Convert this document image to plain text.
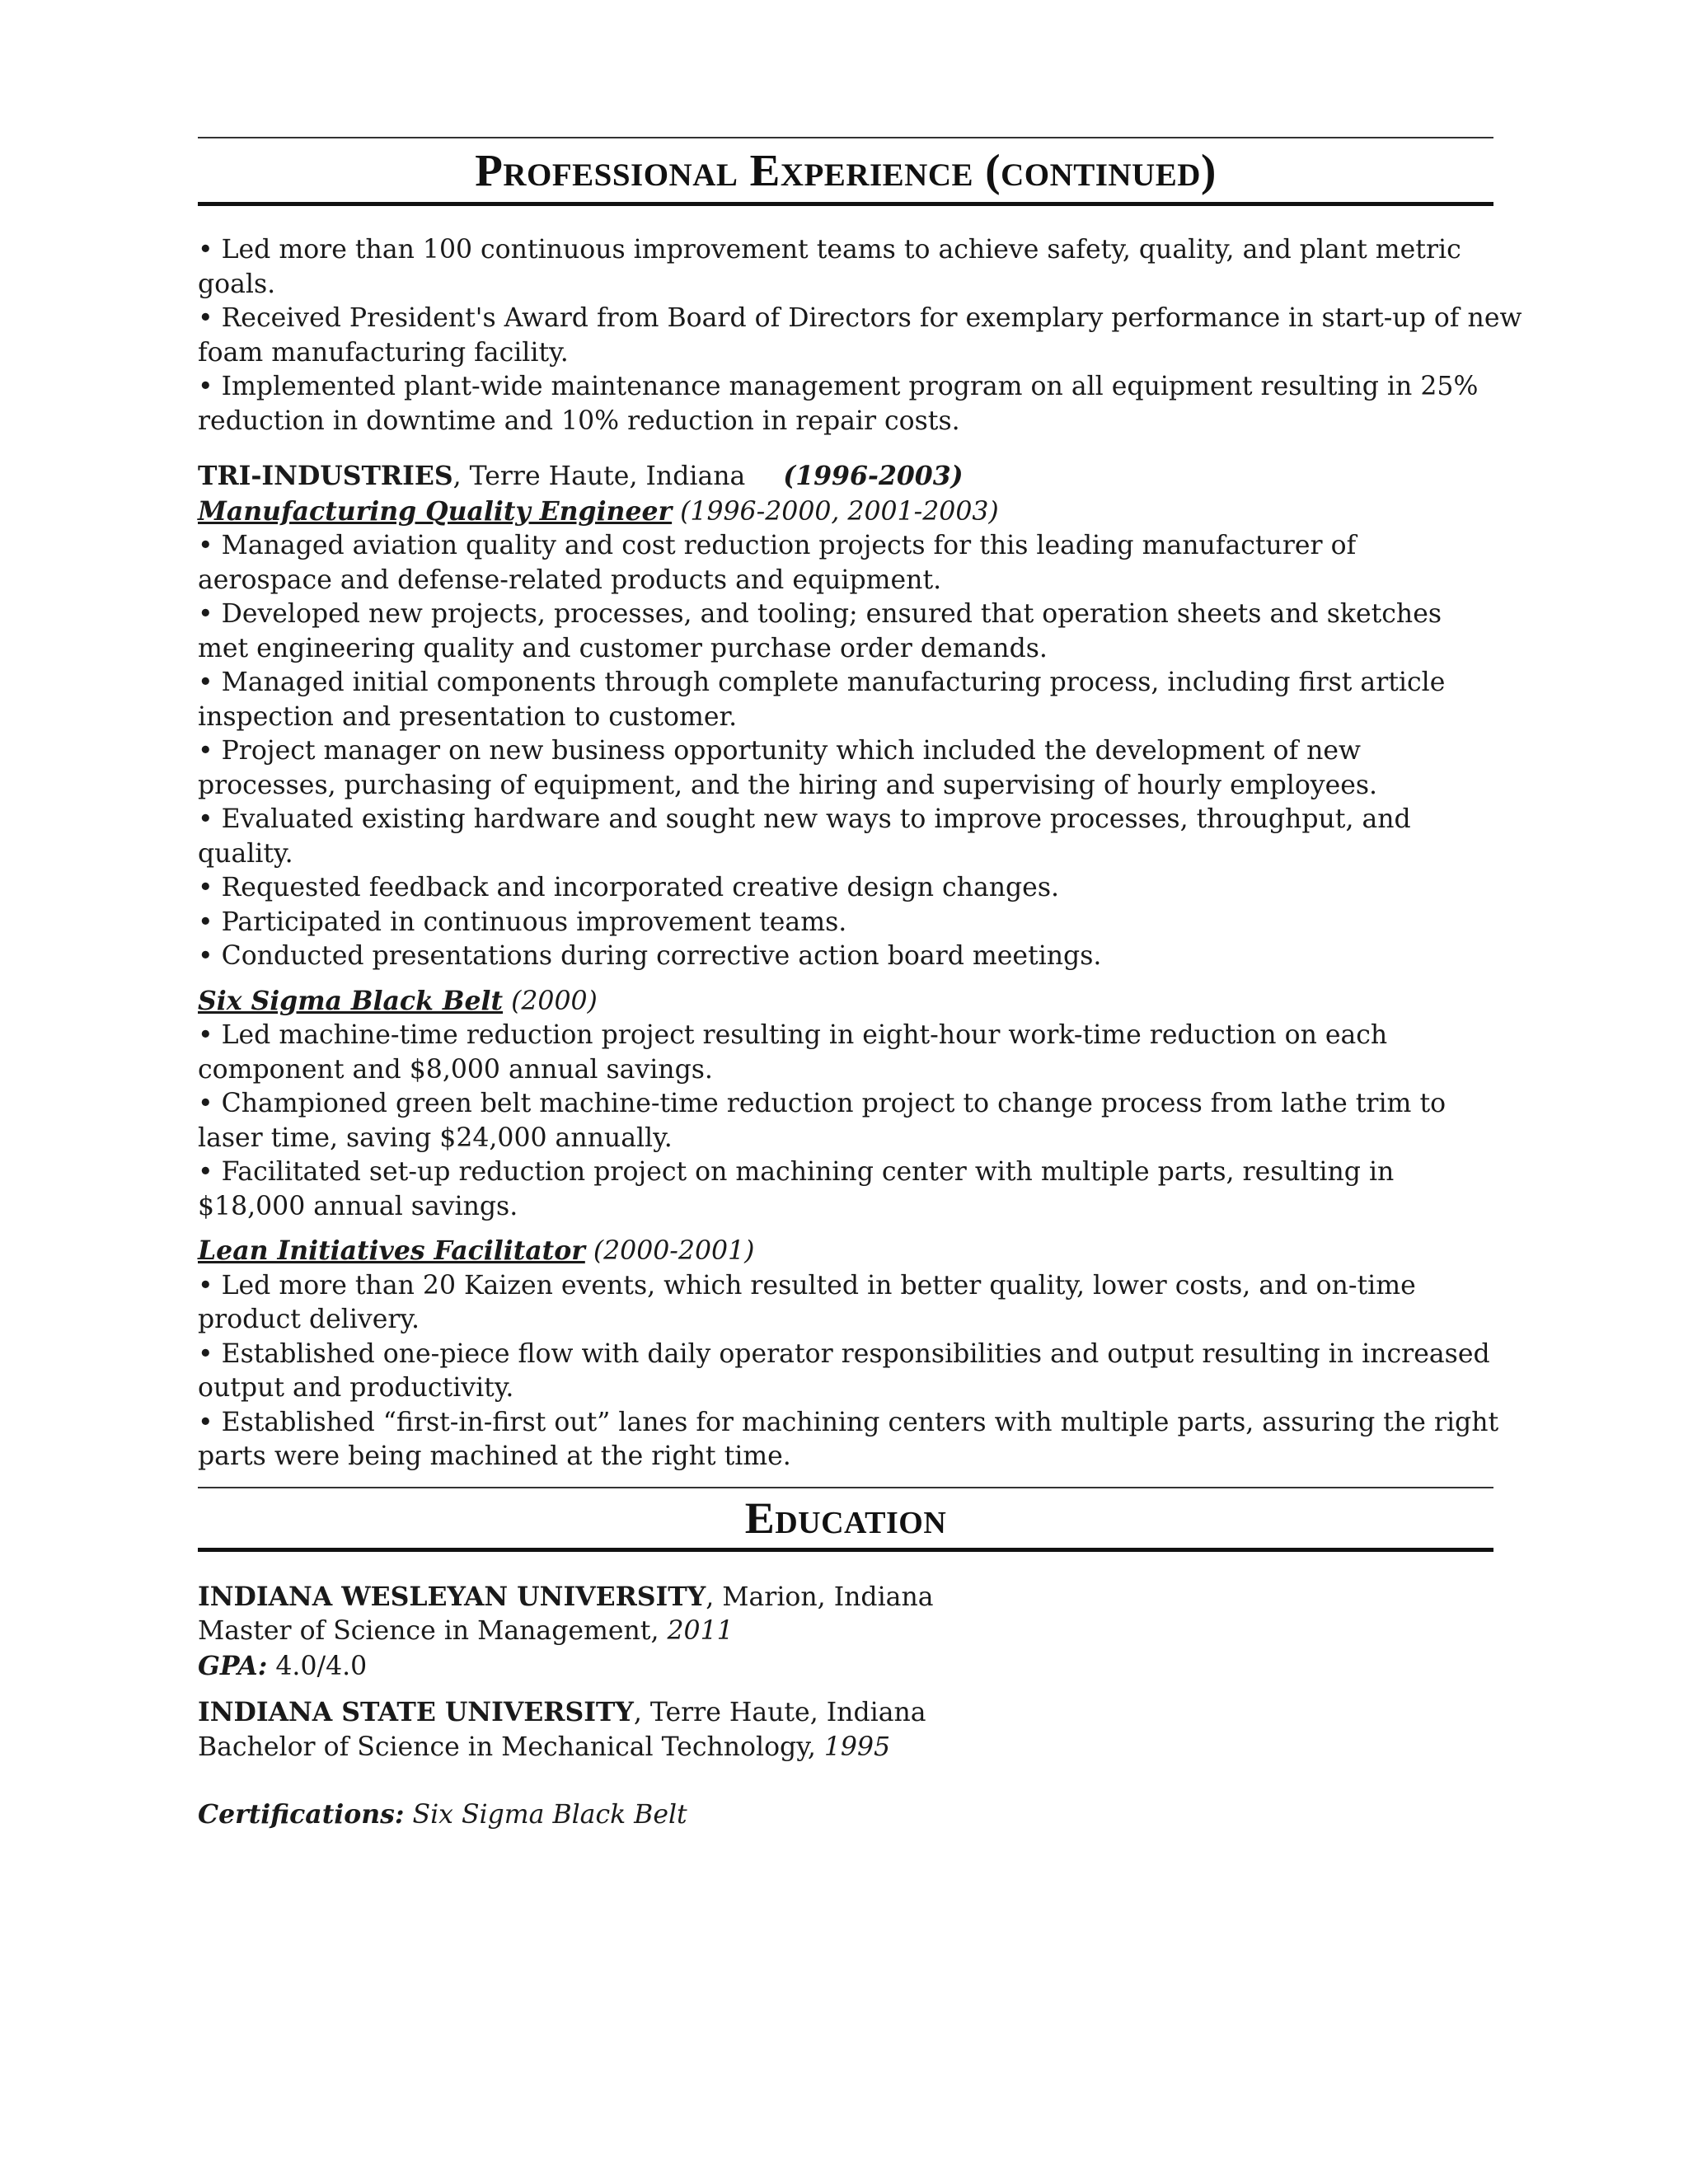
Professional Experience (continued)
• Led more than 100 continuous improvement teams to achieve safety, quality, and plant metric
goals.
• Received President's Award from Board of Directors for exemplary performance in start-up of new
foam manufacturing facility.
• Implemented plant-wide maintenance management program on all equipment resulting in 25%
reduction in downtime and 10% reduction in repair costs.
TRI-INDUSTRIES, Terre Haute, Indiana (1996-2003)
Manufacturing Quality Engineer (1996-2000, 2001-2003)
• Managed aviation quality and cost reduction projects for this leading manufacturer of
aerospace and defense-related products and equipment.
• Developed new projects, processes, and tooling; ensured that operation sheets and sketches
met engineering quality and customer purchase order demands.
• Managed initial components through complete manufacturing process, including first article
inspection and presentation to customer.
• Project manager on new business opportunity which included the development of new
processes, purchasing of equipment, and the hiring and supervising of hourly employees.
• Evaluated existing hardware and sought new ways to improve processes, throughput, and
quality.
• Requested feedback and incorporated creative design changes.
• Participated in continuous improvement teams.
• Conducted presentations during corrective action board meetings.
Six Sigma Black Belt (2000)
• Led machine-time reduction project resulting in eight-hour work-time reduction on each
component and $8,000 annual savings.
• Championed green belt machine-time reduction project to change process from lathe trim to
laser time, saving $24,000 annually.
• Facilitated set-up reduction project on machining center with multiple parts, resulting in
$18,000 annual savings.
Lean Initiatives Facilitator (2000-2001)
• Led more than 20 Kaizen events, which resulted in better quality, lower costs, and on-time
product delivery.
• Established one-piece flow with daily operator responsibilities and output resulting in increased
output and productivity.
• Established “first-in-first out” lanes for machining centers with multiple parts, assuring the right
parts were being machined at the right time.
Education
INDIANA WESLEYAN UNIVERSITY, Marion, Indiana
Master of Science in Management, 2011
GPA: 4.0/4.0
INDIANA STATE UNIVERSITY, Terre Haute, Indiana
Bachelor of Science in Mechanical Technology, 1995
Certifications: Six Sigma Black Belt
